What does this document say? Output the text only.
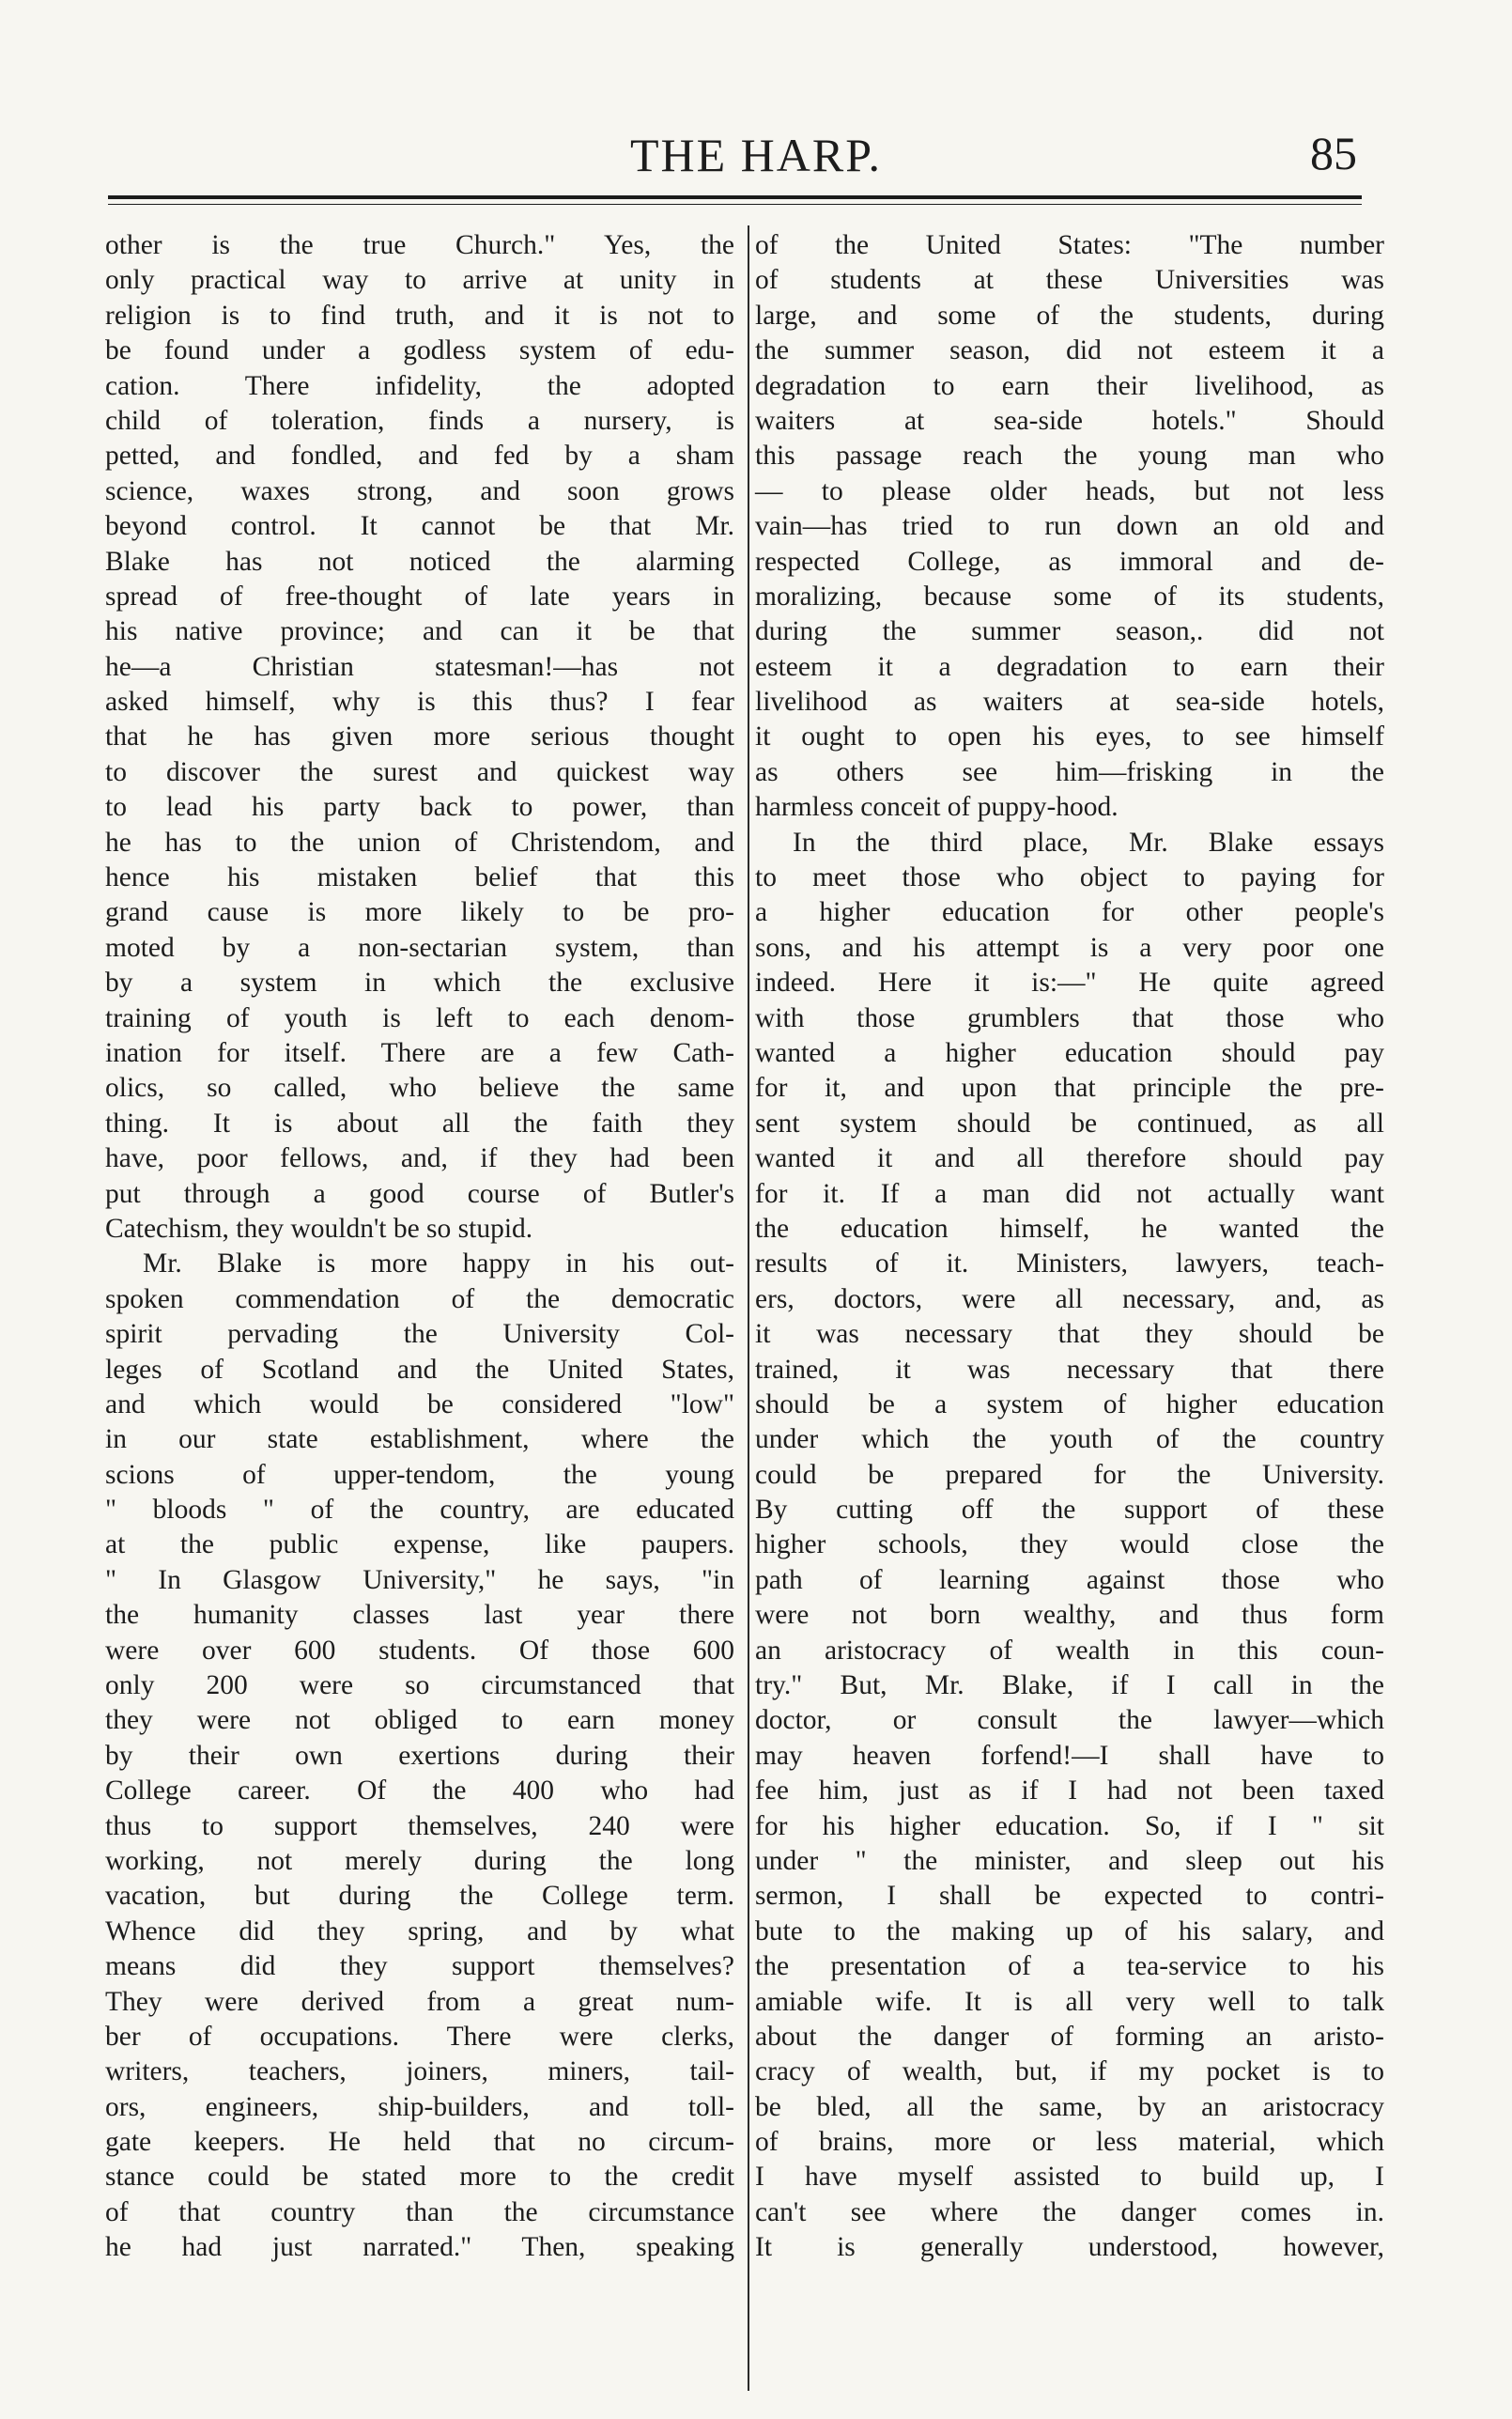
THE HARP.	85
other is the true Church." Yes, the
only practical way to arrive at unity in
religion is to find truth, and it is not to
be found under a godless system of edu-
cation. There infidelity, the adopted
child of toleration, finds a nursery, is
petted, and fondled, and fed by a sham
science, waxes strong, and soon grows
beyond control. It cannot be that Mr.
Blake has not noticed the alarming
spread of free-thought of late years in
his native province; and can it be that
he—a Christian statesman!—has not
asked himself, why is this thus? I fear
that he has given more serious thought
to discover the surest and quickest way
to lead his party back to power, than
he has to the union of Christendom, and
hence his mistaken belief that this
grand cause is more likely to be pro-
moted by a non-sectarian system, than
by a system in which the exclusive
training of youth is left to each denom-
ination for itself. There are a few Cath-
olics, so called, who believe the same
thing. It is about all the faith they
have, poor fellows, and, if they had been
put through a good course of Butler's
Catechism, they wouldn't be so stupid.
Mr. Blake is more happy in his out-
spoken commendation of the democratic
spirit pervading the University Col-
leges of Scotland and the United States,
and which would be considered "low"
in our state establishment, where the
scions of upper-tendom, the young
" bloods " of the country, are educated
at the public expense, like paupers.
" In Glasgow University," he says, "in
the humanity classes last year there
were over 600 students. Of those 600
only 200 were so circumstanced that
they were not obliged to earn money
by their own exertions during their
College career. Of the 400 who had
thus to support themselves, 240 were
working, not merely during the long
vacation, but during the College term.
Whence did they spring, and by what
means did they support themselves?
They were derived from a great num-
ber of occupations. There were clerks,
writers, teachers, joiners, miners, tail-
ors, engineers, ship-builders, and toll-
gate keepers. He held that no circum-
stance could be stated more to the credit
of that country than the circumstance
he had just narrated." Then, speaking
of the United States: "The number
of students at these Universities was
large, and some of the students, during
the summer season, did not esteem it a
degradation to earn their livelihood, as
waiters at sea-side hotels." Should
this passage reach the young man who
— to please older heads, but not less
vain—has tried to run down an old and
respected College, as immoral and de-
moralizing, because some of its students,
during the summer season,. did not
esteem it a degradation to earn their
livelihood as waiters at sea-side hotels,
it ought to open his eyes, to see himself
as others see him—frisking in the
harmless conceit of puppy-hood.
In the third place, Mr. Blake essays
to meet those who object to paying for
a higher education for other people's
sons, and his attempt is a very poor one
indeed. Here it is:—" He quite agreed
with those grumblers that those who
wanted a higher education should pay
for it, and upon that principle the pre-
sent system should be continued, as all
wanted it and all therefore should pay
for it. If a man did not actually want
the education himself, he wanted the
results of it. Ministers, lawyers, teach-
ers, doctors, were all necessary, and, as
it was necessary that they should be
trained, it was necessary that there
should be a system of higher education
under which the youth of the country
could be prepared for the University.
By cutting off the support of these
higher schools, they would close the
path of learning against those who
were not born wealthy, and thus form
an aristocracy of wealth in this coun-
try." But, Mr. Blake, if I call in the
doctor, or consult the lawyer—which
may heaven forfend!—I shall have to
fee him, just as if I had not been taxed
for his higher education. So, if I " sit
under " the minister, and sleep out his
sermon, I shall be expected to contri-
bute to the making up of his salary, and
the presentation of a tea-service to his
amiable wife. It is all very well to talk
about the danger of forming an aristo-
cracy of wealth, but, if my pocket is to
be bled, all the same, by an aristocracy
of brains, more or less material, which
I have myself assisted to build up, I
can't see where the danger comes in.
It is generally understood, however,
